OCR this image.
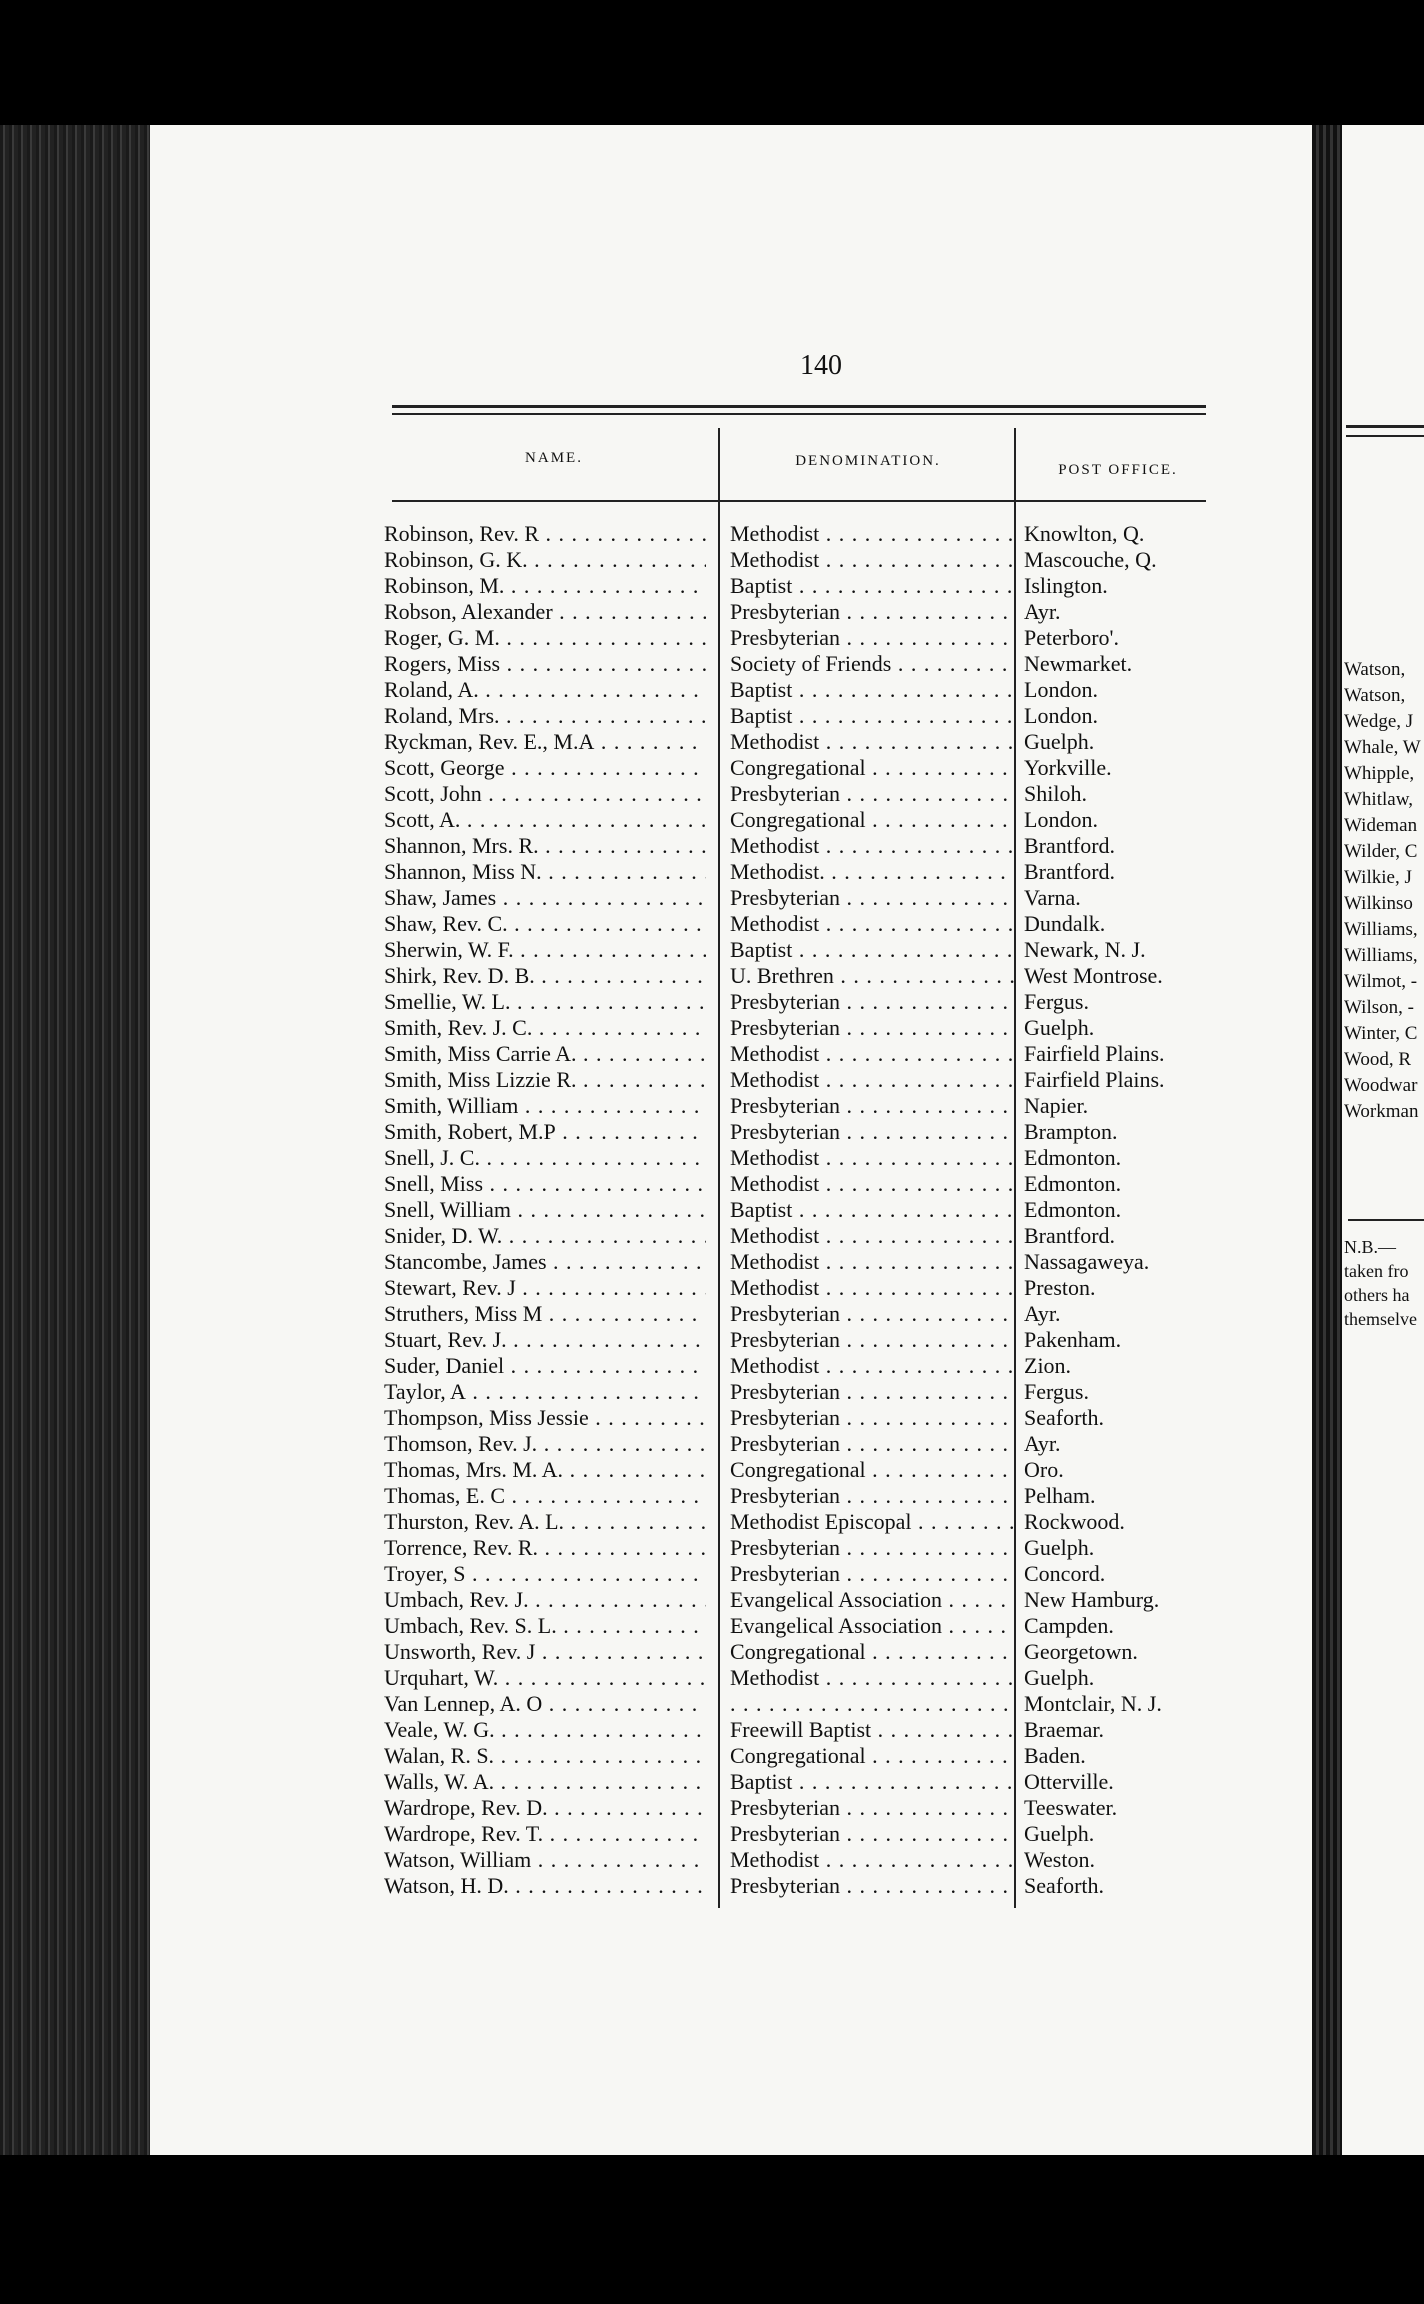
Watson,
Watson,
Wedge, J
Whale, W
Whipple,
Whitlaw,
Wideman
Wilder, C
Wilkie, J
Wilkinso
Williams,
Williams,
Wilmot, -
Wilson, -
Winter, C
Wood, R
Woodwar
Workman
N.B.—
taken fro
others ha
themselve
140
NAME.	DENOMINATION.
POST OFFICE.
Robinson, Rev. R . . .	Methodist . . .	Knowlton, Q.
Robinson, G. K. . . .	Methodist . . .	Mascouche, Q.
Robinson, M. . . .	Baptist . . .	Islington.
Robson, Alexander . . .	Presbyterian . . .	Ayr.
Roger, G. M. . . .	Presbyterian . . .	Peterboro'.
Rogers, Miss . . .	Society of Friends . . .	Newmarket.
Roland, A. . . .	Baptist . . .	London.
Roland, Mrs. . . .	Baptist . . .	London.
Ryckman, Rev. E., M.A . . .	Methodist . . .	Guelph.
Scott, George . . .	Congregational . . .	Yorkville.
Scott, John . . .	Presbyterian . . .	Shiloh.
Scott, A. . . .	Congregational . . .	London.
Shannon, Mrs. R. . . .	Methodist . . .	Brantford.
Shannon, Miss N. . . .	Methodist. . . .	Brantford.
Shaw, James . . .	Presbyterian . . .	Varna.
Shaw, Rev. C. . . .	Methodist . . .	Dundalk.
Sherwin, W. F. . . .	Baptist . . .	Newark, N. J.
Shirk, Rev. D. B. . . .	U. Brethren . . .	West Montrose.
Smellie, W. L. . . .	Presbyterian . . .	Fergus.
Smith, Rev. J. C. . . .	Presbyterian . . .	Guelph.
Smith, Miss Carrie A. . . .	Methodist . . .	Fairfield Plains.
Smith, Miss Lizzie R. . . .	Methodist . . .	Fairfield Plains.
Smith, William . . .	Presbyterian . . .	Napier.
Smith, Robert, M.P . . .	Presbyterian . . .	Brampton.
Snell, J. C. . . .	Methodist . . .	Edmonton.
Snell, Miss . . .	Methodist . . .	Edmonton.
Snell, William . . .	Baptist . . .	Edmonton.
Snider, D. W. . . .	Methodist . . .	Brantford.
Stancombe, James . . .	Methodist . . .	Nassagaweya.
Stewart, Rev. J . . .	Methodist . . .	Preston.
Struthers, Miss M . . .	Presbyterian . . .	Ayr.
Stuart, Rev. J. . . .	Presbyterian . . .	Pakenham.
Suder, Daniel . . .	Methodist . . .	Zion.
Taylor, A . . .	Presbyterian . . .	Fergus.
Thompson, Miss Jessie . . .	Presbyterian . . .	Seaforth.
Thomson, Rev. J. . . .	Presbyterian . . .	Ayr.
Thomas, Mrs. M. A. . . .	Congregational . . .	Oro.
Thomas, E. C . . .	Presbyterian . . .	Pelham.
Thurston, Rev. A. L. . . .	Methodist Episcopal . . .	Rockwood.
Torrence, Rev. R. . . .	Presbyterian . . .	Guelph.
Troyer, S . . .	Presbyterian . . .	Concord.
Umbach, Rev. J. . . .	Evangelical Association . . .	New Hamburg.
Umbach, Rev. S. L. . . .	Evangelical Association . . .	Campden.
Unsworth, Rev. J . . .	Congregational . . .	Georgetown.
Urquhart, W. . . .	Methodist . . .	Guelph.
Van Lennep, A. O . . .
. . .	Montclair, N. J.
Veale, W. G. . . .	Freewill Baptist . . .	Braemar.
Walan, R. S. . . .	Congregational . . .	Baden.
Walls, W. A. . . .	Baptist . . .	Otterville.
Wardrope, Rev. D. . . .	Presbyterian . . .	Teeswater.
Wardrope, Rev. T. . . .	Presbyterian . . .	Guelph.
Watson, William . . .	Methodist . . .	Weston.
Watson, H. D. . . .	Presbyterian . . .	Seaforth.
